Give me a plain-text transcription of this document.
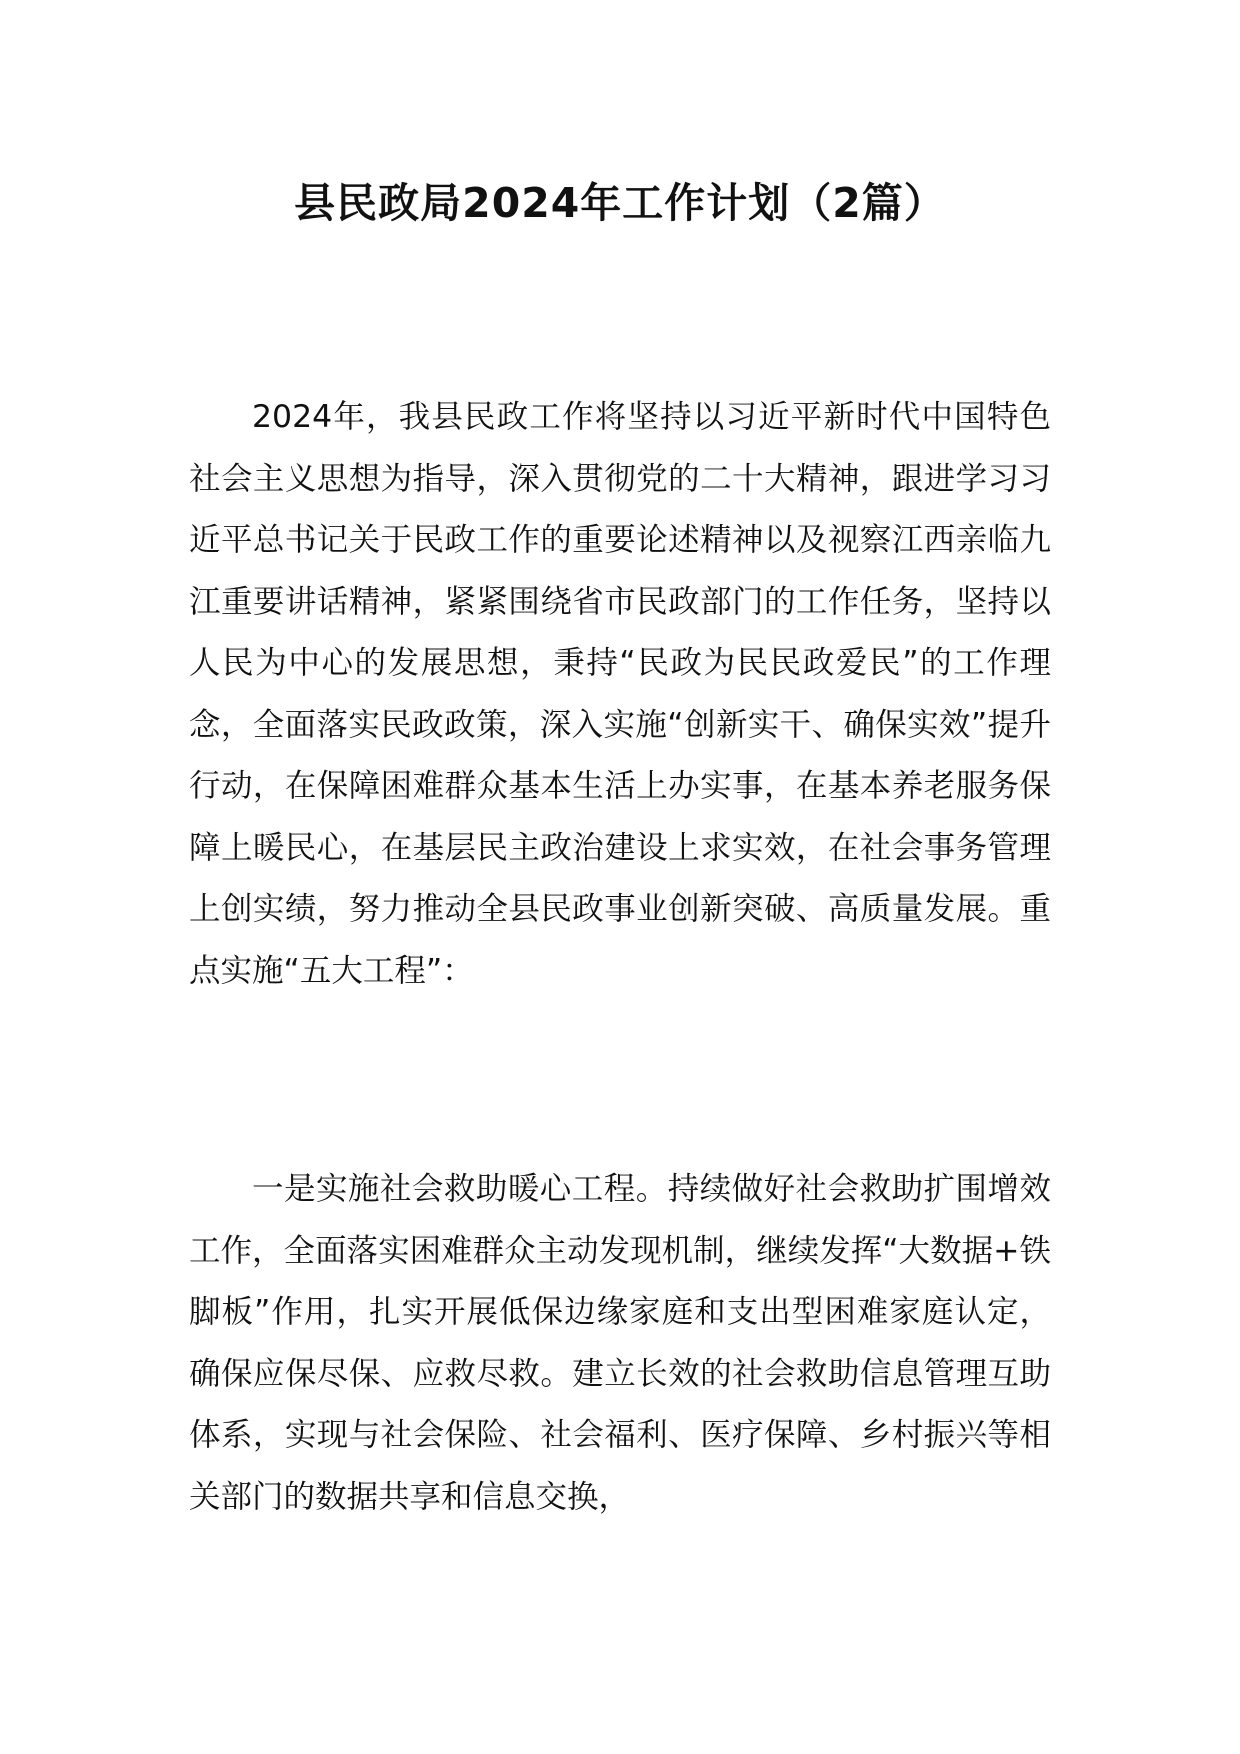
县民政局2024年工作计划（2篇）

2024年，我县民政工作将坚持以习近平新时代中国特色社会主义思想为指导，深入贯彻党的二十大精神，跟进学习习近平总书记关于民政工作的重要论述精神以及视察江西亲临九江重要讲话精神，紧紧围绕省市民政部门的工作任务，坚持以人民为中心的发展思想，秉持“民政为民民政爱民”的工作理念，全面落实民政政策，深入实施“创新实干、确保实效”提升行动，在保障困难群众基本生活上办实事，在基本养老服务保障上暖民心，在基层民主政治建设上求实效，在社会事务管理上创实绩，努力推动全县民政事业创新突破、高质量发展。重点实施“五大工程”：

一是实施社会救助暖心工程。持续做好社会救助扩围增效工作，全面落实困难群众主动发现机制，继续发挥“大数据+铁脚板”作用，扎实开展低保边缘家庭和支出型困难家庭认定，确保应保尽保、应救尽救。建立长效的社会救助信息管理互助体系，实现与社会保险、社会福利、医疗保障、乡村振兴等相关部门的数据共享和信息交换，
